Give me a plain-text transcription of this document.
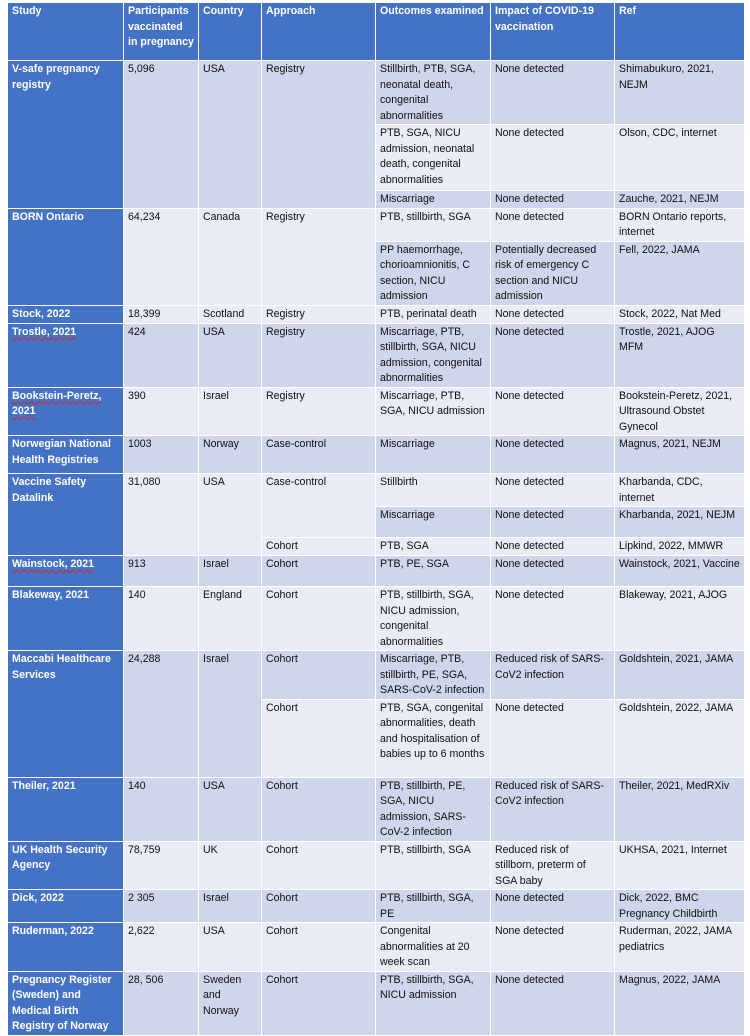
Study	Participants vaccinated in pregnancy	Country	Approach	Outcomes examined	Impact of COVID-19 vaccination	Ref
V-safe pregnancy registry	5,096	USA	Registry	Stillbirth, PTB, SGA, neonatal death, congenital abnormalities	None detected	Shimabukuro, 2021, NEJM
				PTB, SGA, NICU admission, neonatal death, congenital abnormalities	None detected	Olson, CDC, internet
				Miscarriage	None detected	Zauche, 2021, NEJM
BORN Ontario	64,234	Canada	Registry	PTB, stillbirth, SGA	None detected	BORN Ontario reports, internet
				PP haemorrhage, chorioamnionitis, C section, NICU admission	Potentially decreased risk of emergency C section and NICU admission	Fell, 2022, JAMA
Stock, 2022	18,399	Scotland	Registry	PTB, perinatal death	None detected	Stock, 2022, Nat Med
Trostle, 2021	424	USA	Registry	Miscarriage, PTB, stillbirth, SGA, NICU admission, congenital abnormalities	None detected	Trostle, 2021, AJOG MFM
Bookstein-Peretz, 2021	390	Israel	Registry	Miscarriage, PTB, SGA, NICU admission	None detected	Bookstein-Peretz, 2021, Ultrasound Obstet Gynecol
Norwegian National Health Registries	1003	Norway	Case-control	Miscarriage	None detected	Magnus, 2021, NEJM
Vaccine Safety Datalink	31,080	USA	Case-control	Stillbirth	None detected	Kharbanda, CDC, internet
				Miscarriage	None detected	Kharbanda, 2021, NEJM
			Cohort	PTB, SGA	None detected	Lipkind, 2022, MMWR
Wainstock, 2021	913	Israel	Cohort	PTB, PE, SGA	None detected	Wainstock, 2021, Vaccine
Blakeway, 2021	140	England	Cohort	PTB, stillbirth, SGA, NICU admission, congenital abnormalities	None detected	Blakeway, 2021, AJOG
Maccabi Healthcare Services	24,288	Israel	Cohort	Miscarriage, PTB, stillbirth, PE, SGA, SARS-CoV-2 infection	Reduced risk of SARS-CoV2 infection	Goldshtein, 2021, JAMA
			Cohort	PTB, SGA, congenital abnormalities, death and hospitalisation of babies up to 6 months	None detected	Goldshtein, 2022, JAMA
Theiler, 2021	140	USA	Cohort	PTB, stillbirth, PE, SGA, NICU admission, SARS-CoV-2 infection	Reduced risk of SARS-CoV2 infection	Theiler, 2021, MedRXiv
UK Health Security Agency	78,759	UK	Cohort	PTB, stillbirth, SGA	Reduced risk of stillborn, preterm of SGA baby	UKHSA, 2021, Internet
Dick, 2022	2 305	Israel	Cohort	PTB, stillbirth, SGA, PE	None detected	Dick, 2022, BMC Pregnancy Childbirth
Ruderman, 2022	2,622	USA	Cohort	Congenital abnormalities at 20 week scan	None detected	Ruderman, 2022, JAMA pediatrics
Pregnancy Register (Sweden) and Medical Birth Registry of Norway	28, 506	Sweden and Norway	Cohort	PTB, stillbirth, SGA, NICU admission	None detected	Magnus, 2022, JAMA
